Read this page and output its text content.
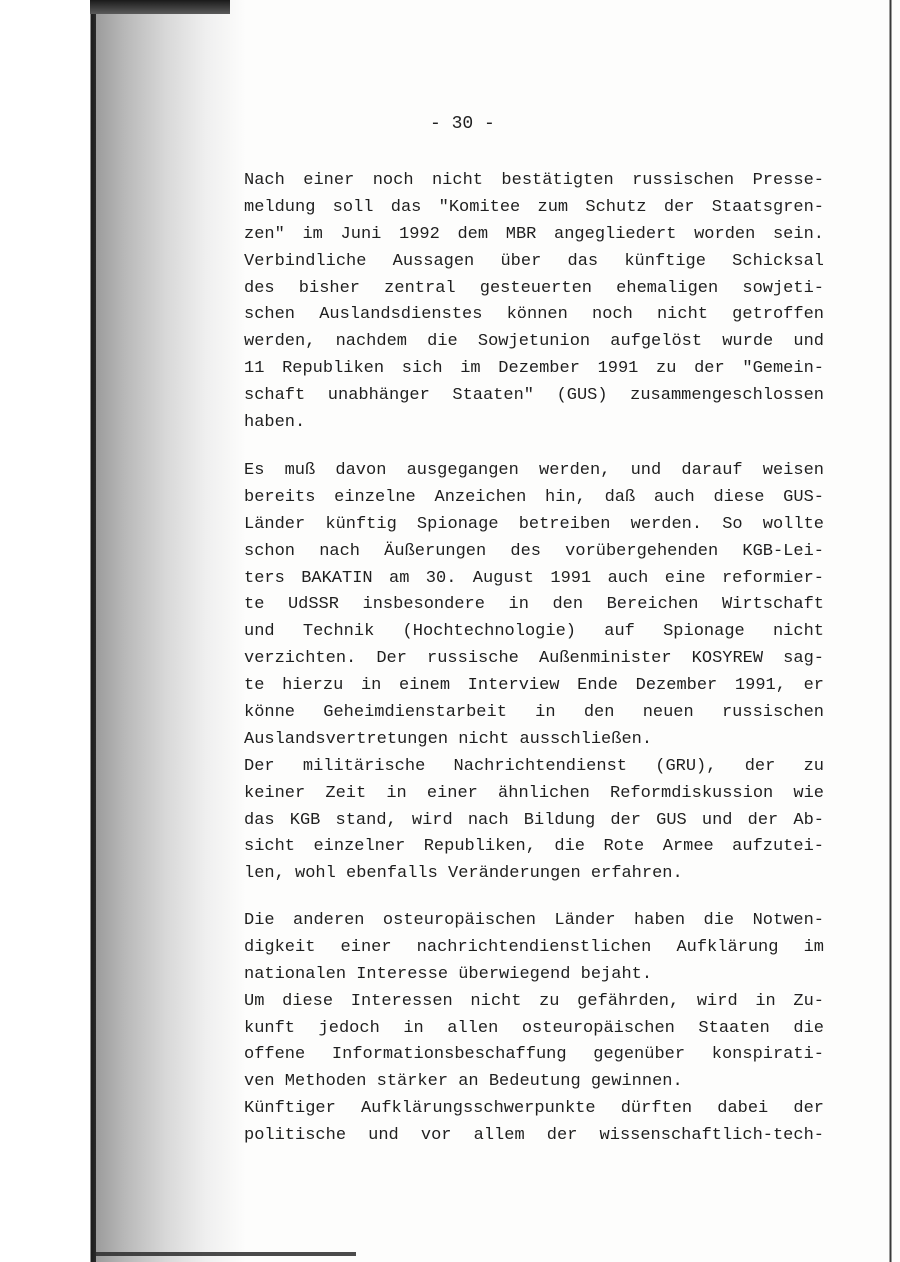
- 30 -
Nach einer noch nicht bestätigten russischen Presse-
meldung soll das "Komitee zum Schutz der Staatsgren-
zen" im Juni 1992 dem MBR angegliedert worden sein.
Verbindliche Aussagen über das künftige Schicksal
des bisher zentral gesteuerten ehemaligen sowjeti-
schen Auslandsdienstes können noch nicht getroffen
werden, nachdem die Sowjetunion aufgelöst wurde und
11 Republiken sich im Dezember 1991 zu der "Gemein-
schaft unabhänger Staaten" (GUS) zusammengeschlossen
haben.
Es muß davon ausgegangen werden, und darauf weisen
bereits einzelne Anzeichen hin, daß auch diese GUS-
Länder künftig Spionage betreiben werden. So wollte
schon nach Äußerungen des vorübergehenden KGB-Lei-
ters BAKATIN am 30. August 1991 auch eine reformier-
te UdSSR insbesondere in den Bereichen Wirtschaft
und Technik (Hochtechnologie) auf Spionage nicht
verzichten. Der russische Außenminister KOSYREW sag-
te hierzu in einem Interview Ende Dezember 1991, er
könne Geheimdienstarbeit in den neuen russischen
Auslandsvertretungen nicht ausschließen.
Der militärische Nachrichtendienst (GRU), der zu
keiner Zeit in einer ähnlichen Reformdiskussion wie
das KGB stand, wird nach Bildung der GUS und der Ab-
sicht einzelner Republiken, die Rote Armee aufzutei-
len, wohl ebenfalls Veränderungen erfahren.
Die anderen osteuropäischen Länder haben die Notwen-
digkeit einer nachrichtendienstlichen Aufklärung im
nationalen Interesse überwiegend bejaht.
Um diese Interessen nicht zu gefährden, wird in Zu-
kunft jedoch in allen osteuropäischen Staaten die
offene Informationsbeschaffung gegenüber konspirati-
ven Methoden stärker an Bedeutung gewinnen.
Künftiger Aufklärungsschwerpunkte dürften dabei der
politische und vor allem der wissenschaftlich-tech-
